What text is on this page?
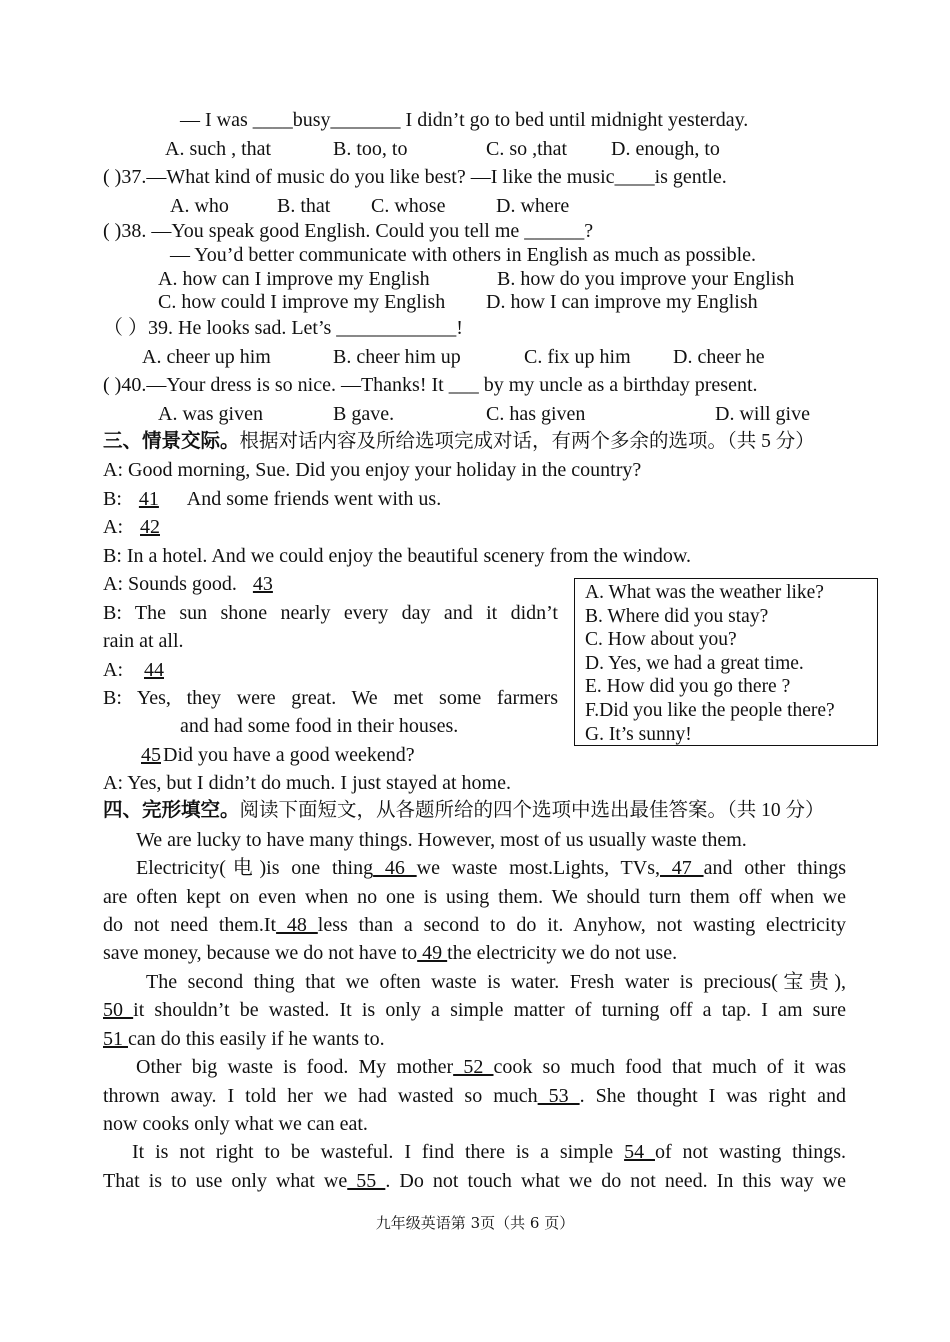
— I was ____busy_______ I didn’t go to bed until midnight yesterday.
A. such , that	B. too, to	C. so ,that D. enough, to
( )37.—What kind of music do you like best? —I like the music____is gentle.
A. who B. that C. whose	D. where
( )38. —You speak good English. Could you tell me ______?
— You’d better communicate with others in English as much as possible.
A. how can I improve my English	B. how do you improve your English
C. how could I improve my English D. how I can improve my English
（ ）39. He looks sad. Let’s ____________!
A. cheer up him	B. cheer him up	C. fix up him D. cheer he
( )40.—Your dress is so nice. —Thanks! It ___ by my uncle as a birthday present.
A. was given	B gave.	C. has given	D. will give
三、情景交际。根据对话内容及所给选项完成对话，有两个多余的选项。（共 5 分）
A: Good morning, Sue. Did you enjoy your holiday in the country?
B: 41 And some friends went with us.
A: 42
B: In a hotel. And we could enjoy the beautiful scenery from the window.
A: Sounds good. 43
B: The sun shone nearly every day and it didn’t
rain at all.
A: 44
B: Yes, they were great. We met some farmers
and had some food in their houses.
45 Did you have a good weekend?
A: Yes, but I didn’t do much. I just stayed at home.
A. What was the weather like?
B. Where did you stay?
C. How about you?
D. Yes, we had a great time.
E. How did you go there ?
F.Did you like the people there?
G. It’s sunny!
四、完形填空。阅读下面短文，从各题所给的四个选项中选出最佳答案。（共 10 分）
We are lucky to have many things. However, most of us usually waste them.
Electricity(电)is one thing 46 we waste most.Lights, TVs, 47 and other things
are often kept on even when no one is using them. We should turn them off when we
do not need them.It 48 less than a second to do it. Anyhow, not wasting electricity
save money, because we do not have to 49 the electricity we do not use.
The second thing that we often waste is water. Fresh water is precious(宝贵),
50 it shouldn’t be wasted. It is only a simple matter of turning off a tap. I am sure
51 can do this easily if he wants to.
Other big waste is food. My mother 52 cook so much food that much of it was
thrown away. I told her we had wasted so much 53 . She thought I was right and
now cooks only what we can eat.
It is not right to be wasteful. I find there is a simple 54 of not wasting things.
That is to use only what we 55 . Do not touch what we do not need. In this way we
九年级英语第 3页（共 6 页）
